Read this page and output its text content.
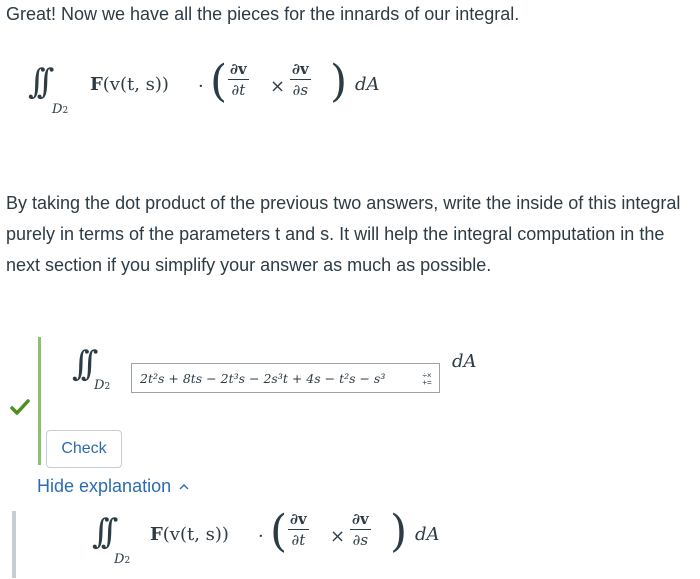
Great! Now we have all the pieces for the innards of our integral.
∫∫
D2
F(v(t, s)) · ( $\frac{\partial v}{\partial t} \times \frac{\partial v}{\partial s}$ ) dA
By taking the dot product of the previous two answers, write the inside of this integral purely in terms of the parameters t and s. It will help the integral computation in the next section if you simplify your answer as much as possible.
∫∫
D2
2t²s + 8ts − 2t³s − 2s³t + 4s − t²s − s³	÷×
+=
dA
Check
Hide explanation
∫∫
D2
F(v(t, s)) · ( $\frac{\partial v}{\partial t} \times \frac{\partial v}{\partial s}$ ) dA
